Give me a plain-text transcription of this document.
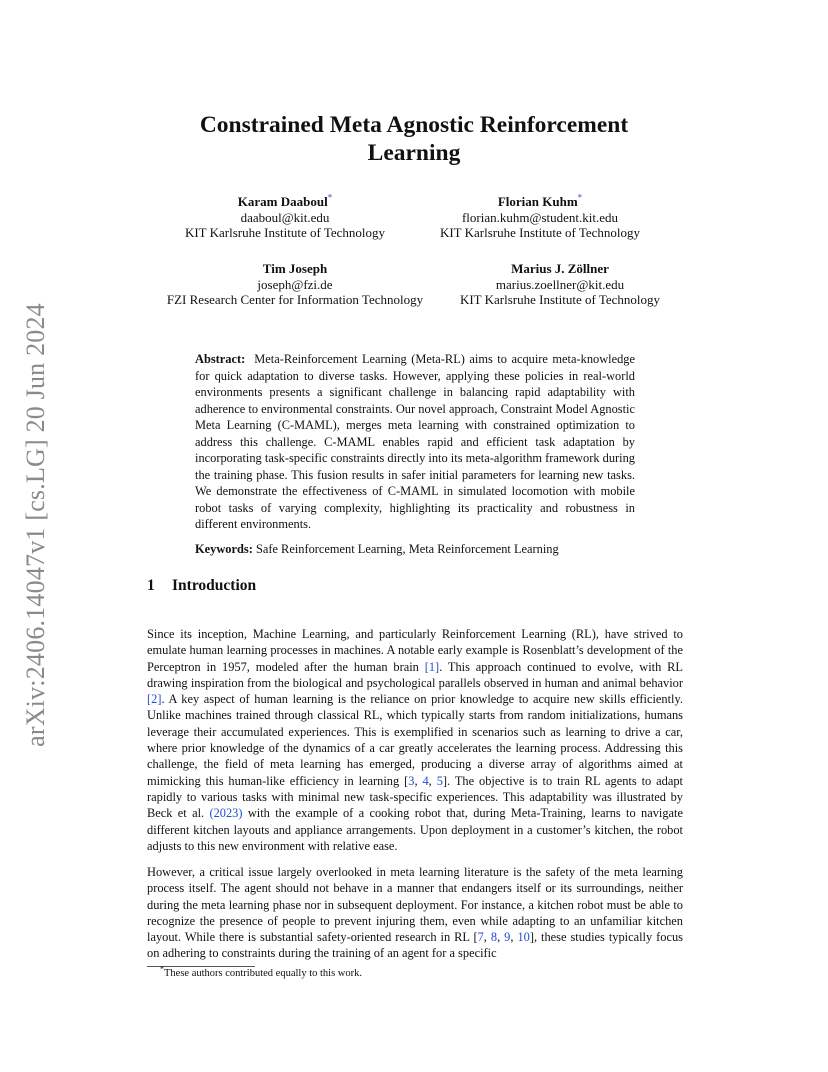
arXiv:2406.14047v1 [cs.LG] 20 Jun 2024
Constrained Meta Agnostic Reinforcement Learning
Karam Daaboul*
daaboul@kit.edu
KIT Karlsruhe Institute of Technology
Florian Kuhm*
florian.kuhm@student.kit.edu
KIT Karlsruhe Institute of Technology
Tim Joseph
joseph@fzi.de
FZI Research Center for Information Technology
Marius J. Zöllner
marius.zoellner@kit.edu
KIT Karlsruhe Institute of Technology
Abstract: Meta-Reinforcement Learning (Meta-RL) aims to acquire meta-knowledge for quick adaptation to diverse tasks. However, applying these policies in real-world environments presents a significant challenge in balancing rapid adaptability with adherence to environmental constraints. Our novel approach, Constraint Model Agnostic Meta Learning (C-MAML), merges meta learning with constrained optimization to address this challenge. C-MAML enables rapid and efficient task adaptation by incorporating task-specific constraints directly into its meta-algorithm framework during the training phase. This fusion results in safer initial parameters for learning new tasks. We demonstrate the effectiveness of C-MAML in simulated locomotion with mobile robot tasks of varying complexity, highlighting its practicality and robustness in different environments.
Keywords: Safe Reinforcement Learning, Meta Reinforcement Learning
1 Introduction
Since its inception, Machine Learning, and particularly Reinforcement Learning (RL), have strived to emulate human learning processes in machines. A notable early example is Rosenblatt’s development of the Perceptron in 1957, modeled after the human brain [1]. This approach continued to evolve, with RL drawing inspiration from the biological and psychological parallels observed in human and animal behavior [2]. A key aspect of human learning is the reliance on prior knowledge to acquire new skills efficiently. Unlike machines trained through classical RL, which typically starts from random initializations, humans leverage their accumulated experiences. This is exemplified in scenarios such as learning to drive a car, where prior knowledge of the dynamics of a car greatly accelerates the learning process. Addressing this challenge, the field of meta learning has emerged, producing a diverse array of algorithms aimed at mimicking this human-like efficiency in learning [3, 4, 5]. The objective is to train RL agents to adapt rapidly to various tasks with minimal new task-specific experiences. This adaptability was illustrated by Beck et al. (2023) with the example of a cooking robot that, during Meta-Training, learns to navigate different kitchen layouts and appliance arrangements. Upon deployment in a customer’s kitchen, the robot adjusts to this new environment with relative ease.
However, a critical issue largely overlooked in meta learning literature is the safety of the meta learning process itself. The agent should not behave in a manner that endangers itself or its surroundings, neither during the meta learning phase nor in subsequent deployment. For instance, a kitchen robot must be able to recognize the presence of people to prevent injuring them, even while adapting to an unfamiliar kitchen layout. While there is substantial safety-oriented research in RL [7, 8, 9, 10], these studies typically focus on adhering to constraints during the training of an agent for a specific
*These authors contributed equally to this work.
